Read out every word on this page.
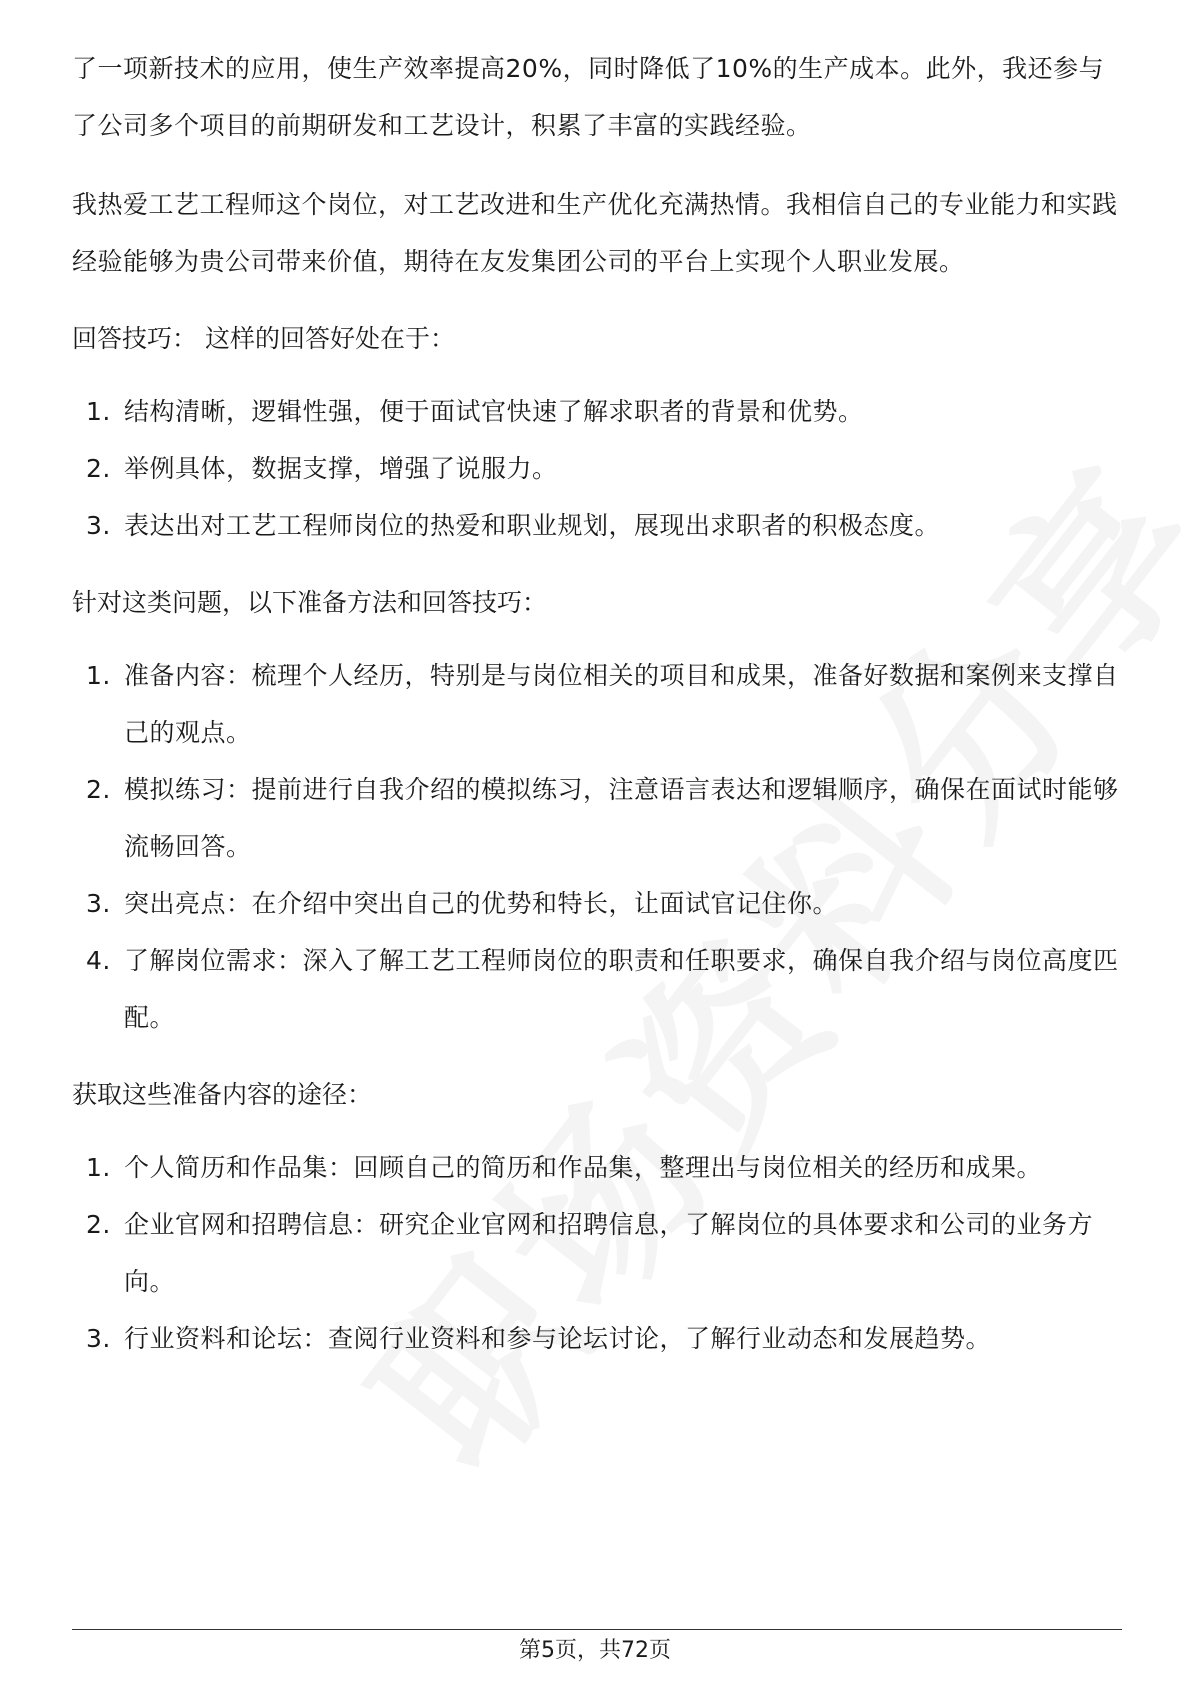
了一项新技术的应用，使生产效率提高20%，同时降低了10%的生产成本。此外，我还参与了公司多个项目的前期研发和工艺设计，积累了丰富的实践经验。

我热爱工艺工程师这个岗位，对工艺改进和生产优化充满热情。我相信自己的专业能力和实践经验能够为贵公司带来价值，期待在友发集团公司的平台上实现个人职业发展。

回答技巧： 这样的回答好处在于：

1. 结构清晰，逻辑性强，便于面试官快速了解求职者的背景和优势。
2. 举例具体，数据支撑，增强了说服力。
3. 表达出对工艺工程师岗位的热爱和职业规划，展现出求职者的积极态度。

针对这类问题，以下准备方法和回答技巧：

1. 准备内容：梳理个人经历，特别是与岗位相关的项目和成果，准备好数据和案例来支撑自己的观点。
2. 模拟练习：提前进行自我介绍的模拟练习，注意语言表达和逻辑顺序，确保在面试时能够流畅回答。
3. 突出亮点：在介绍中突出自己的优势和特长，让面试官记住你。
4. 了解岗位需求：深入了解工艺工程师岗位的职责和任职要求，确保自我介绍与岗位高度匹配。

获取这些准备内容的途径：

1. 个人简历和作品集：回顾自己的简历和作品集，整理出与岗位相关的经历和成果。
2. 企业官网和招聘信息：研究企业官网和招聘信息，了解岗位的具体要求和公司的业务方向。
3. 行业资料和论坛：查阅行业资料和参与论坛讨论，了解行业动态和发展趋势。
第5页，共72页
